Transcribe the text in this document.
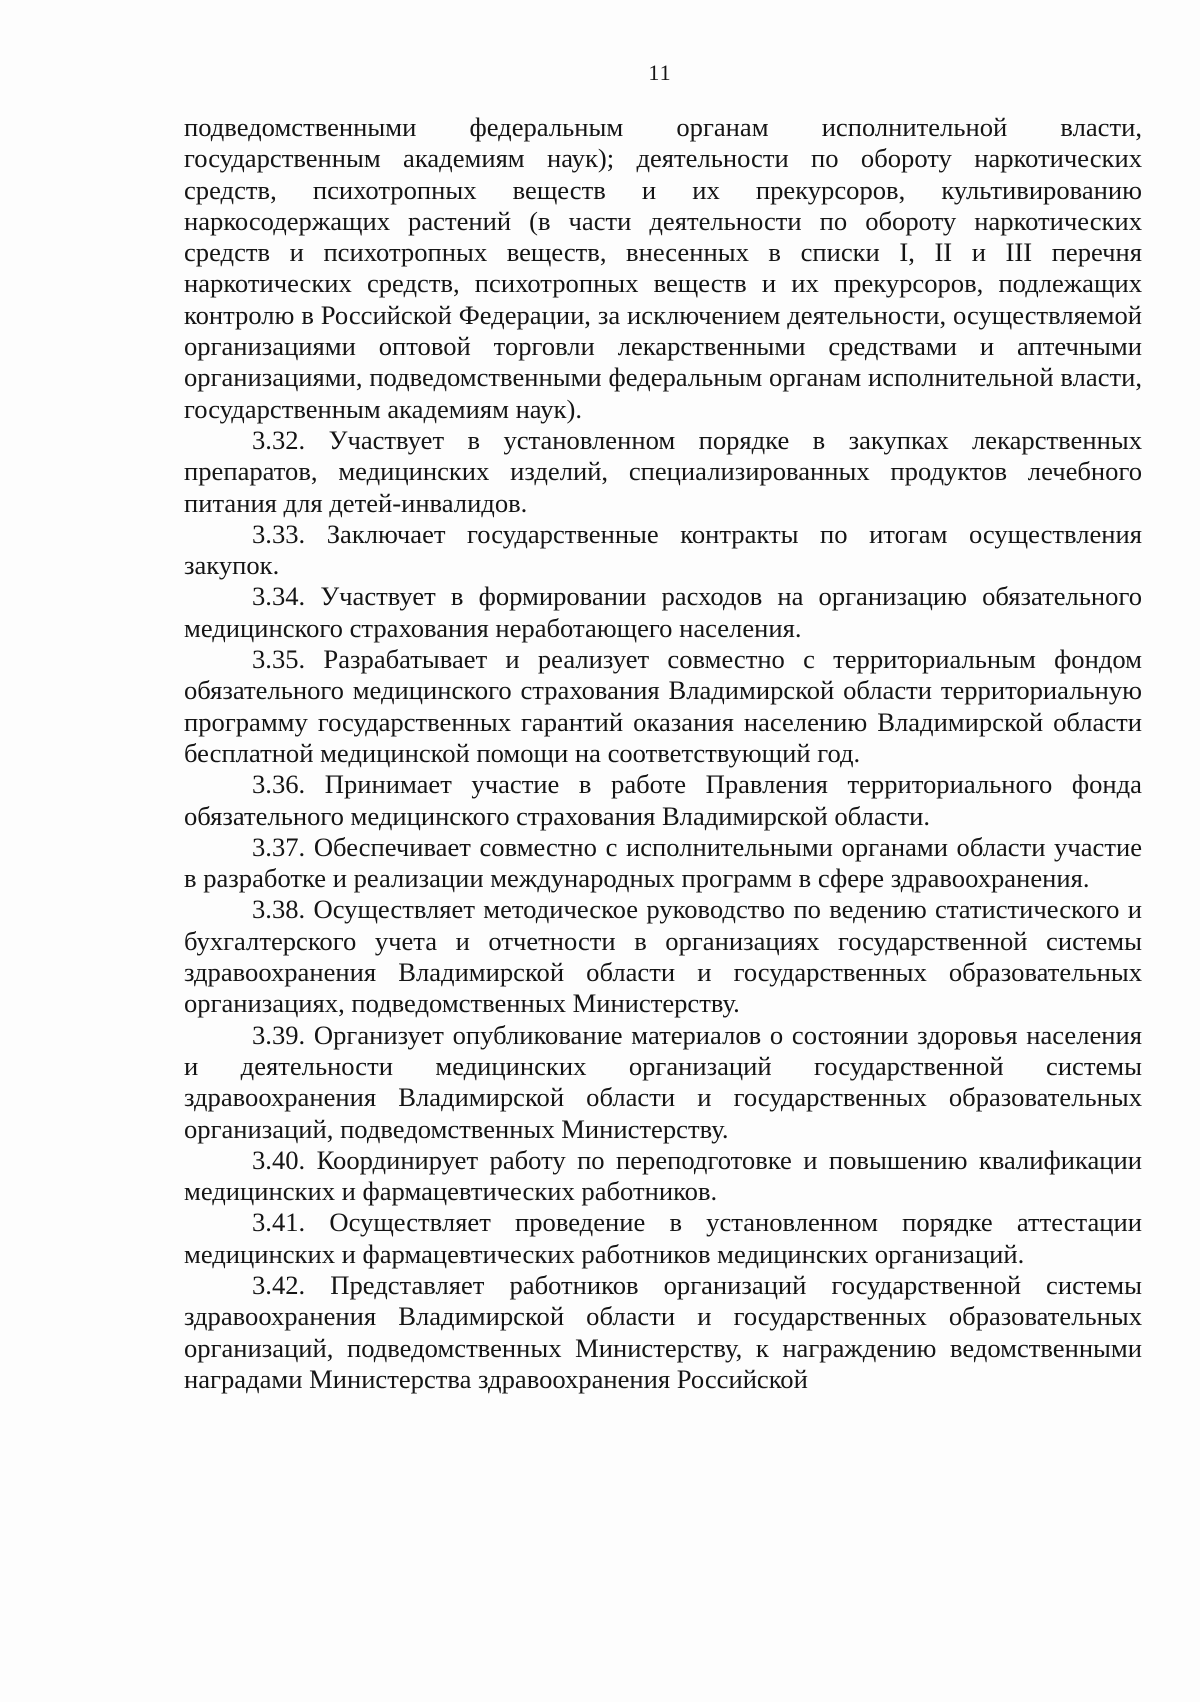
11

подведомственными федеральным органам исполнительной власти, государственным академиям наук); деятельности по обороту наркотических средств, психотропных веществ и их прекурсоров, культивированию наркосодержащих растений (в части деятельности по обороту наркотических средств и психотропных веществ, внесенных в списки I, II и III перечня наркотических средств, психотропных веществ и их прекурсоров, подлежащих контролю в Российской Федерации, за исключением деятельности, осуществляемой организациями оптовой торговли лекарственными средствами и аптечными организациями, подведомственными федеральным органам исполнительной власти, государственным академиям наук).

3.32. Участвует в установленном порядке в закупках лекарственных препаратов, медицинских изделий, специализированных продуктов лечебного питания для детей-инвалидов.

3.33. Заключает государственные контракты по итогам осуществления закупок.

3.34. Участвует в формировании расходов на организацию обязательного медицинского страхования неработающего населения.

3.35. Разрабатывает и реализует совместно с территориальным фондом обязательного медицинского страхования Владимирской области территориальную программу государственных гарантий оказания населению Владимирской области бесплатной медицинской помощи на соответствующий год.

3.36. Принимает участие в работе Правления территориального фонда обязательного медицинского страхования Владимирской области.

3.37. Обеспечивает совместно с исполнительными органами области участие в разработке и реализации международных программ в сфере здравоохранения.

3.38. Осуществляет методическое руководство по ведению статистического и бухгалтерского учета и отчетности в организациях государственной системы здравоохранения Владимирской области и государственных образовательных организациях, подведомственных Министерству.

3.39. Организует опубликование материалов о состоянии здоровья населения и деятельности медицинских организаций государственной системы здравоохранения Владимирской области и государственных образовательных организаций, подведомственных Министерству.

3.40. Координирует работу по переподготовке и повышению квалификации медицинских и фармацевтических работников.

3.41. Осуществляет проведение в установленном порядке аттестации медицинских и фармацевтических работников медицинских организаций.

3.42. Представляет работников организаций государственной системы здравоохранения Владимирской области и государственных образовательных организаций, подведомственных Министерству, к награждению ведомственными наградами Министерства здравоохранения Российской
